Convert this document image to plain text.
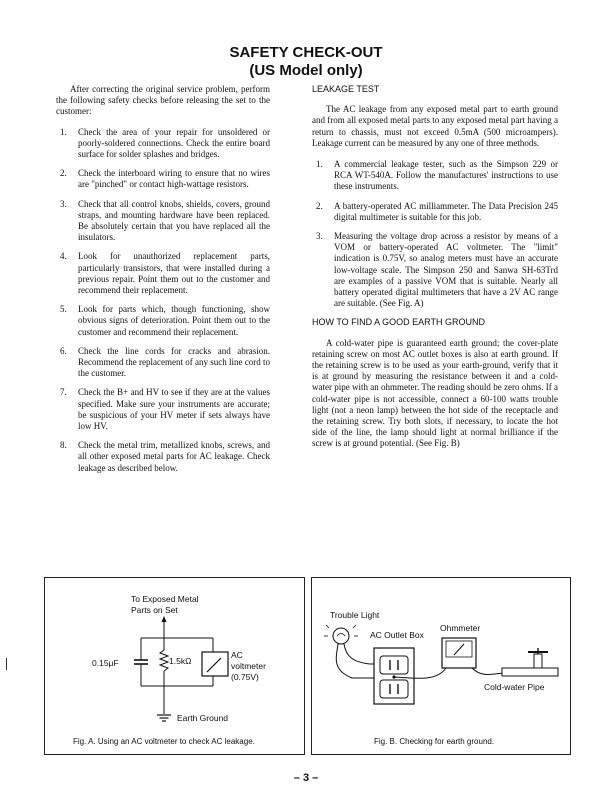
SAFETY CHECK-OUT
(US Model only)

After correcting the original service problem, perform the following safety checks before releasing the set to the customer:

1. Check the area of your repair for unsoldered or poorly-soldered connections. Check the entire board surface for solder splashes and bridges.
2. Check the interboard wiring to ensure that no wires are "pinched" or contact high-wattage resistors.
3. Check that all control knobs, shields, covers, ground straps, and mounting hardware have been replaced. Be absolutely certain that you have replaced all the insulators.
4. Look for unauthorized replacement parts, particularly transistors, that were installed during a previous repair. Point them out to the customer and recommend their replacement.
5. Look for parts which, though functioning, show obvious signs of deterioration. Point them out to the customer and recommend their replacement.
6. Check the line cords for cracks and abrasion. Recommend the replacement of any such line cord to the customer.
7. Check the B+ and HV to see if they are at the values specified. Make sure your instruments are accurate; be suspicious of your HV meter if sets always have low HV.
8. Check the metal trim, metallized knobs, screws, and all other exposed metal parts for AC leakage. Check leakage as described below.

LEAKAGE TEST

The AC leakage from any exposed metal part to earth ground and from all exposed metal parts to any exposed metal part having a return to chassis, must not exceed 0.5mA (500 microampers). Leakage current can be measured by any one of three methods.

1. A commercial leakage tester, such as the Simpson 229 or RCA WT-540A. Follow the manufactures' instructions to use these instruments.
2. A battery-operated AC milliammeter. The Data Precision 245 digital multimeter is suitable for this job.
3. Measuring the voltage drop across a resistor by means of a VOM or battery-operated AC voltmeter. The "limit" indication is 0.75V, so analog meters must have an accurate low-voltage scale. The Simpson 250 and Sanwa SH-63Trd are examples of a passive VOM that is suitable. Nearly all battery operated digital multimeters that have a 2V AC range are suitable. (See Fig. A)

HOW TO FIND A GOOD EARTH GROUND

A cold-water pipe is guaranteed earth ground; the cover-plate retaining screw on most AC outlet boxes is also at earth ground. If the retaining screw is to be used as your earth-ground, verify that it is at ground by measuring the resistance between it and a cold-water pipe with an ohmmeter. The reading should be zero ohms. If a cold-water pipe is not accessible, connect a 60-100 watts trouble light (not a neon lamp) between the hot side of the receptacle and the retaining screw. Try both slots, if necessary, to locate the hot side of the line, the lamp should light at normal brilliance if the screw is at ground potential. (See Fig. B)

To Exposed Metal
Parts on Set
0.15μF	1.5kΩ
AC
voltmeter
(0.75V)
Earth Ground
Fig. A. Using an AC voltmeter to check AC leakage.
Trouble Light
AC Outlet Box
Ohmmeter
Cold-water Pipe
Fig. B. Checking for earth ground.
– 3 –
